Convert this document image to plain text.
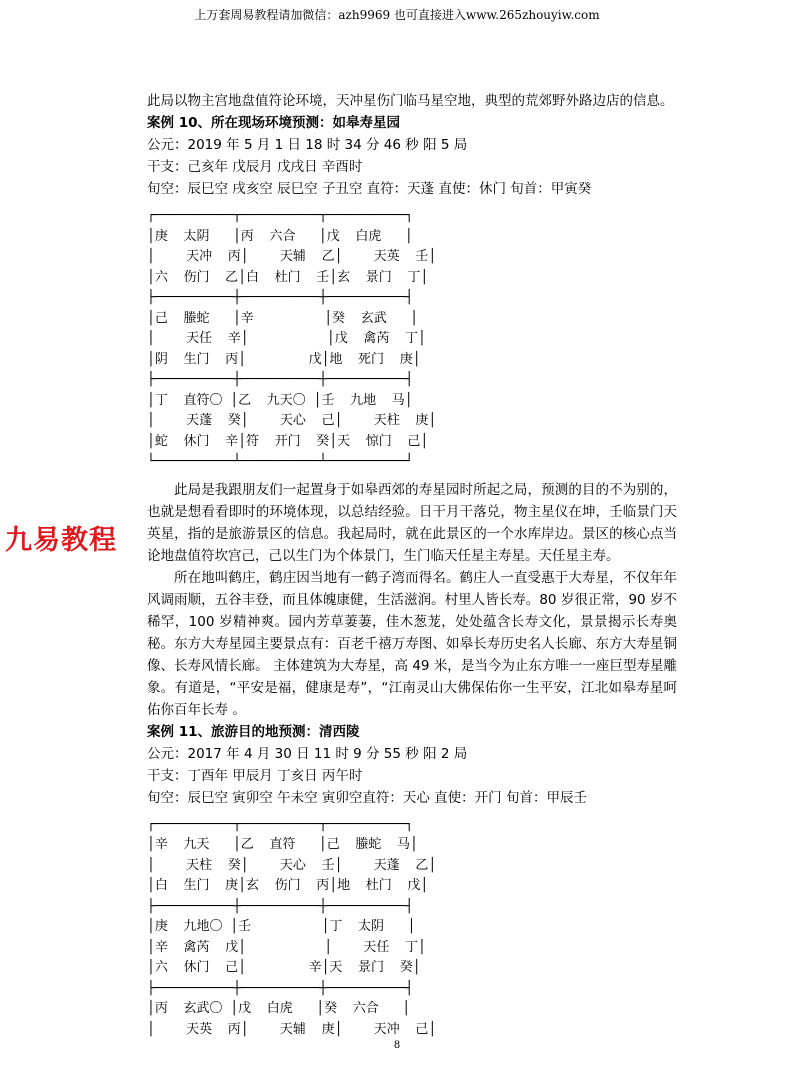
上万套周易教程请加微信：azh9969 也可直接进入www.265zhouyiw.com
九易教程
此局以物主宫地盘值符论环境，天冲星伤门临马星空地，典型的荒郊野外路边店的信息。
案例 10、所在现场环境预测：如皋寿星园
公元：2019 年 5 月 1 日 18 时 34 分 46 秒 阳 5 局
干支：己亥年 戊辰月 戊戌日 辛酉时
旬空：辰巳空 戌亥空 辰巳空 子丑空 直符：天蓬 直使：休门 旬首：甲寅癸
┌──────────┬──────────┬──────────┐
│庚  太阴   │丙  六合   │戊  白虎   │
│    天冲  丙│    天辅  乙│    天英  壬│
│六  伤门  乙│白  杜门  壬│玄  景门  丁│
├──────────┼──────────┼──────────┤
│己  螣蛇   │辛         │癸  玄武   │
│    天任  辛│          │戊  禽芮  丁│
│阴  生门  丙│        戊│地  死门  庚│
├──────────┼──────────┼──────────┤
│丁  直符〇 │乙  九天〇 │壬  九地  马│
│    天蓬  癸│    天心  己│    天柱  庚│
│蛇  休门  辛│符  开门  癸│天  惊门  己│
└──────────┴──────────┴──────────┘
此局是我跟朋友们一起置身于如皋西郊的寿星园时所起之局，预测的目的不为别的，也就是想看看即时的环境体现，以总结经验。日干月干落兑，物主星仪在坤，壬临景门天英星，指的是旅游景区的信息。我起局时，就在此景区的一个水库岸边。景区的核心点当论地盘值符坎宫己，己以生门为个体景门，生门临天任星主寿星。天任星主寿。
所在地叫鹤庄，鹤庄因当地有一鹤子湾而得名。鹤庄人一直受惠于大寿星，不仅年年风调雨顺，五谷丰登，而且体魄康健，生活滋润。村里人皆长寿。80 岁很正常，90 岁不稀罕，100 岁精神爽。园内芳草萋萋，佳木葱茏，处处蕴含长寿文化，景景揭示长寿奥秘。东方大寿星园主要景点有：百老千禧万寿图、如皋长寿历史名人长廊、东方大寿星铜像、长寿风情长廊。 主体建筑为大寿星，高 49 米，是当今为止东方唯一一座巨型寿星雕象。有道是，“平安是福，健康是寿”，“江南灵山大佛保佑你一生平安，江北如皋寿星呵佑你百年长寿 。
案例 11、旅游目的地预测：清西陵
公元：2017 年 4 月 30 日 11 时 9 分 55 秒 阳 2 局
干支：丁酉年 甲辰月 丁亥日 丙午时
旬空：辰巳空 寅卯空 午未空 寅卯空直符：天心 直使：开门 旬首：甲辰壬
┌──────────┬──────────┬──────────┐
│辛  九天   │乙  直符   │己  螣蛇  马│
│    天柱  癸│    天心  壬│    天蓬  乙│
│白  生门  庚│玄  伤门  丙│地  杜门  戊│
├──────────┼──────────┼──────────┤
│庚  九地〇 │壬         │丁  太阴   │
│辛  禽芮  戊│          │    天任  丁│
│六  休门  己│        辛│天  景门  癸│
├──────────┼──────────┼──────────┤
│丙  玄武〇 │戊  白虎   │癸  六合   │
│    天英  丙│    天辅  庚│    天冲  己│
8
